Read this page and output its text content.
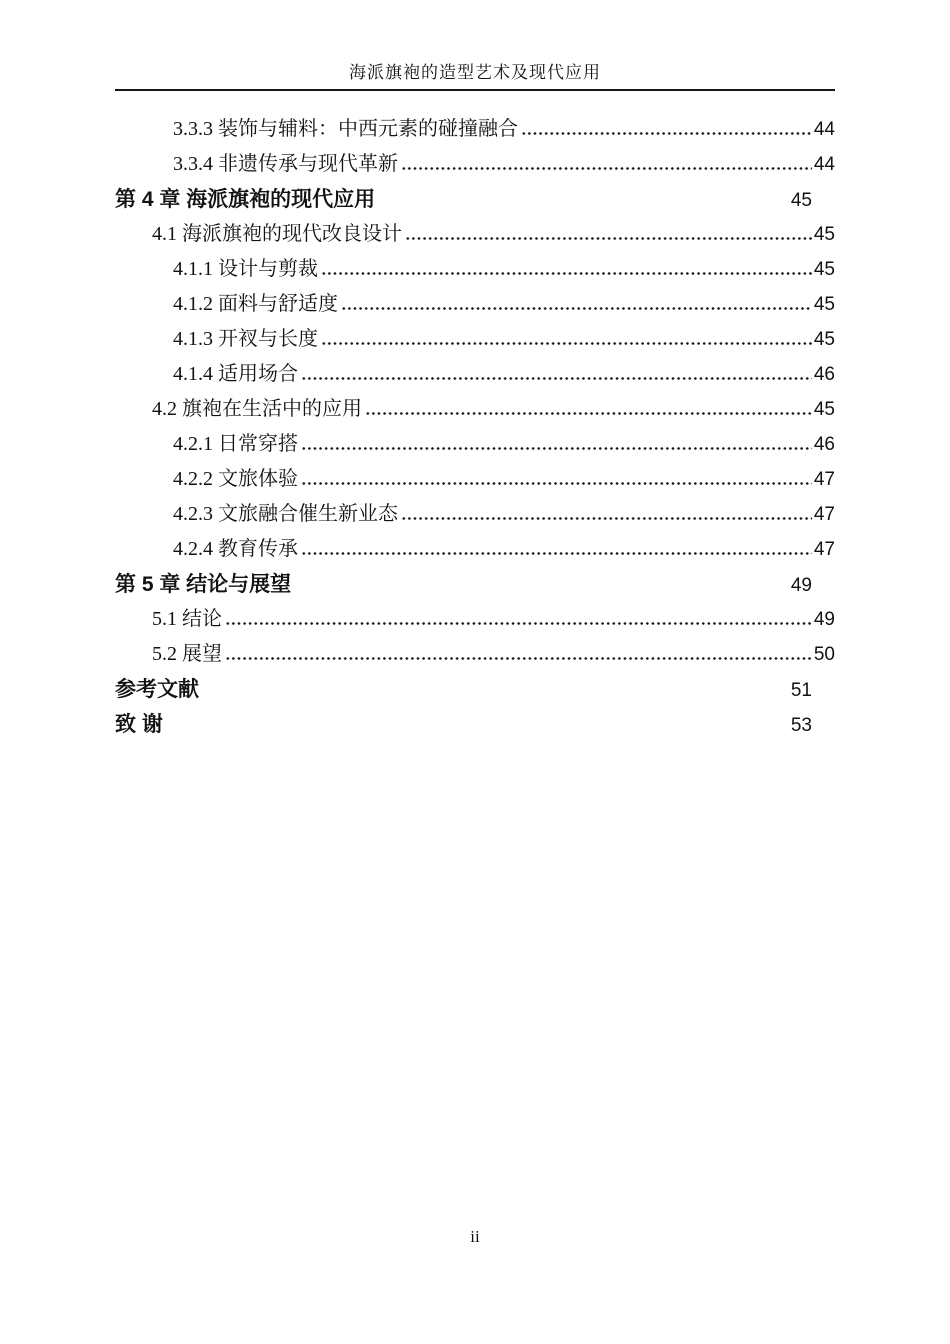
海派旗袍的造型艺术及现代应用
3.3.3 装饰与辅料：中西元素的碰撞融合	44
3.3.4 非遗传承与现代革新	44
第 4 章 海派旗袍的现代应用	45
4.1 海派旗袍的现代改良设计	45
4.1.1 设计与剪裁	45
4.1.2 面料与舒适度	45
4.1.3 开衩与长度	45
4.1.4 适用场合	46
4.2 旗袍在生活中的应用	45
4.2.1 日常穿搭	46
4.2.2 文旅体验	47
4.2.3 文旅融合催生新业态	47
4.2.4 教育传承	47
第 5 章 结论与展望	49
5.1 结论	49
5.2 展望	50
参考文献	51
致 谢	53
ii
